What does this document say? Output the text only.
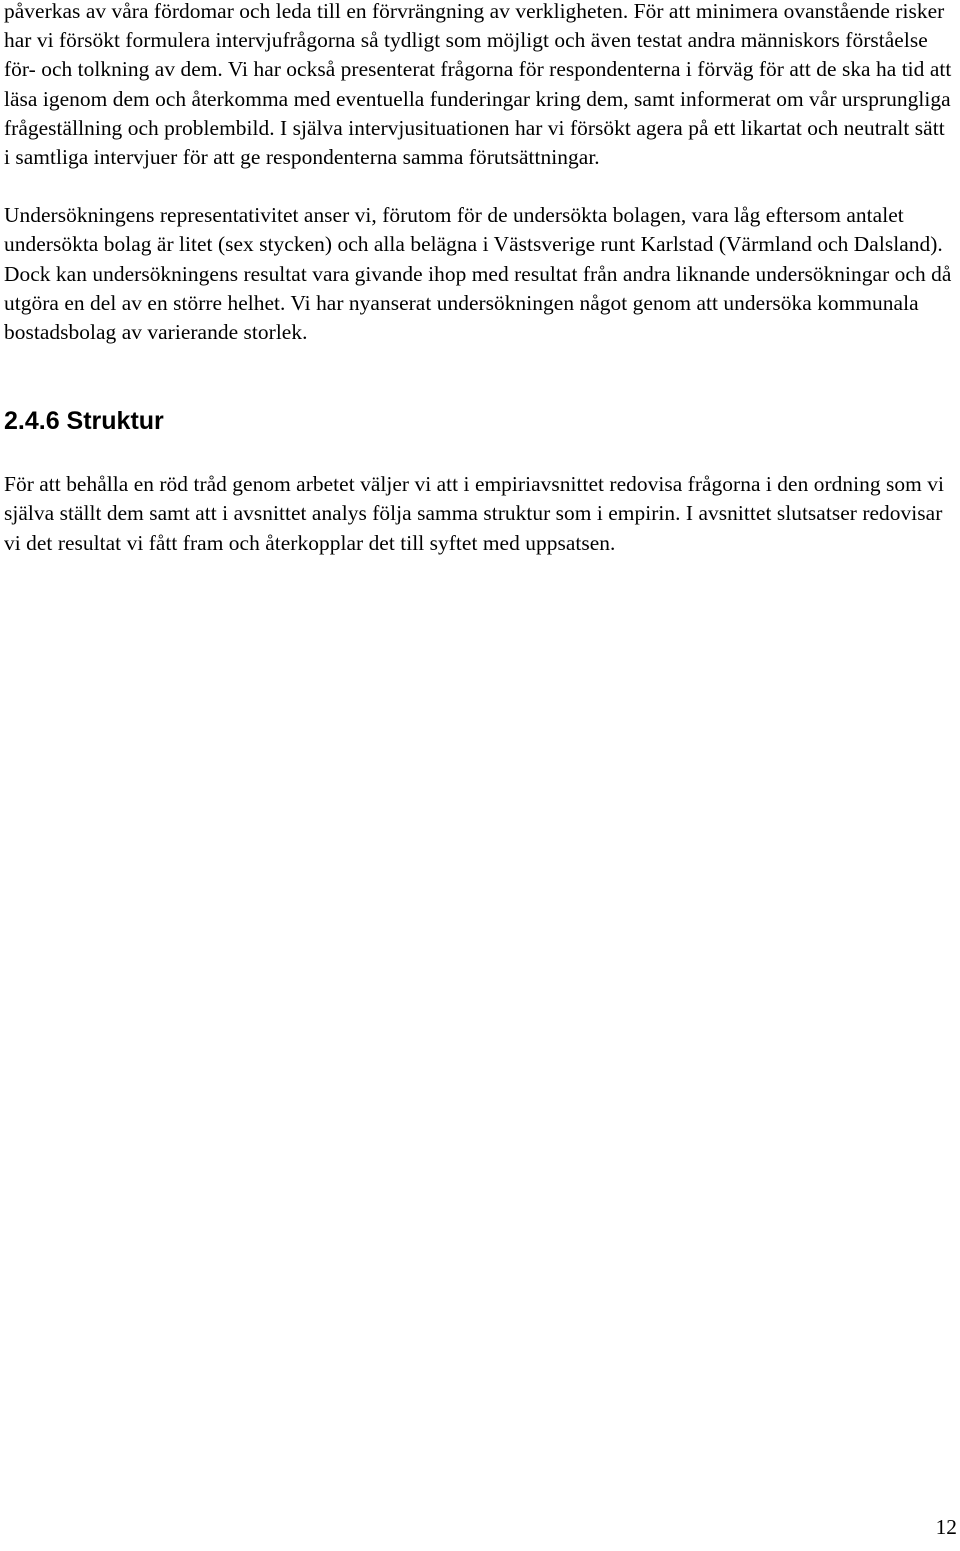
påverkas av våra fördomar och leda till en förvrängning av verkligheten. För att minimera ovanstående risker har vi försökt formulera intervjufrågorna så tydligt som möjligt och även testat andra människors förståelse för- och tolkning av dem. Vi har också presenterat frågorna för respondenterna i förväg för att de ska ha tid att läsa igenom dem och återkomma med eventuella funderingar kring dem, samt informerat om vår ursprungliga frågeställning och problembild. I själva intervjusituationen har vi försökt agera på ett likartat och neutralt sätt i samtliga intervjuer för att ge respondenterna samma förutsättningar.

Undersökningens representativitet anser vi, förutom för de undersökta bolagen, vara låg eftersom antalet undersökta bolag är litet (sex stycken) och alla belägna i Västsverige runt Karlstad (Värmland och Dalsland). Dock kan undersökningens resultat vara givande ihop med resultat från andra liknande undersökningar och då utgöra en del av en större helhet. Vi har nyanserat undersökningen något genom att undersöka kommunala bostadsbolag av varierande storlek.

2.4.6 Struktur

För att behålla en röd tråd genom arbetet väljer vi att i empiriavsnittet redovisa frågorna i den ordning som vi själva ställt dem samt att i avsnittet analys följa samma struktur som i empirin. I avsnittet slutsatser redovisar vi det resultat vi fått fram och återkopplar det till syftet med uppsatsen.

12
